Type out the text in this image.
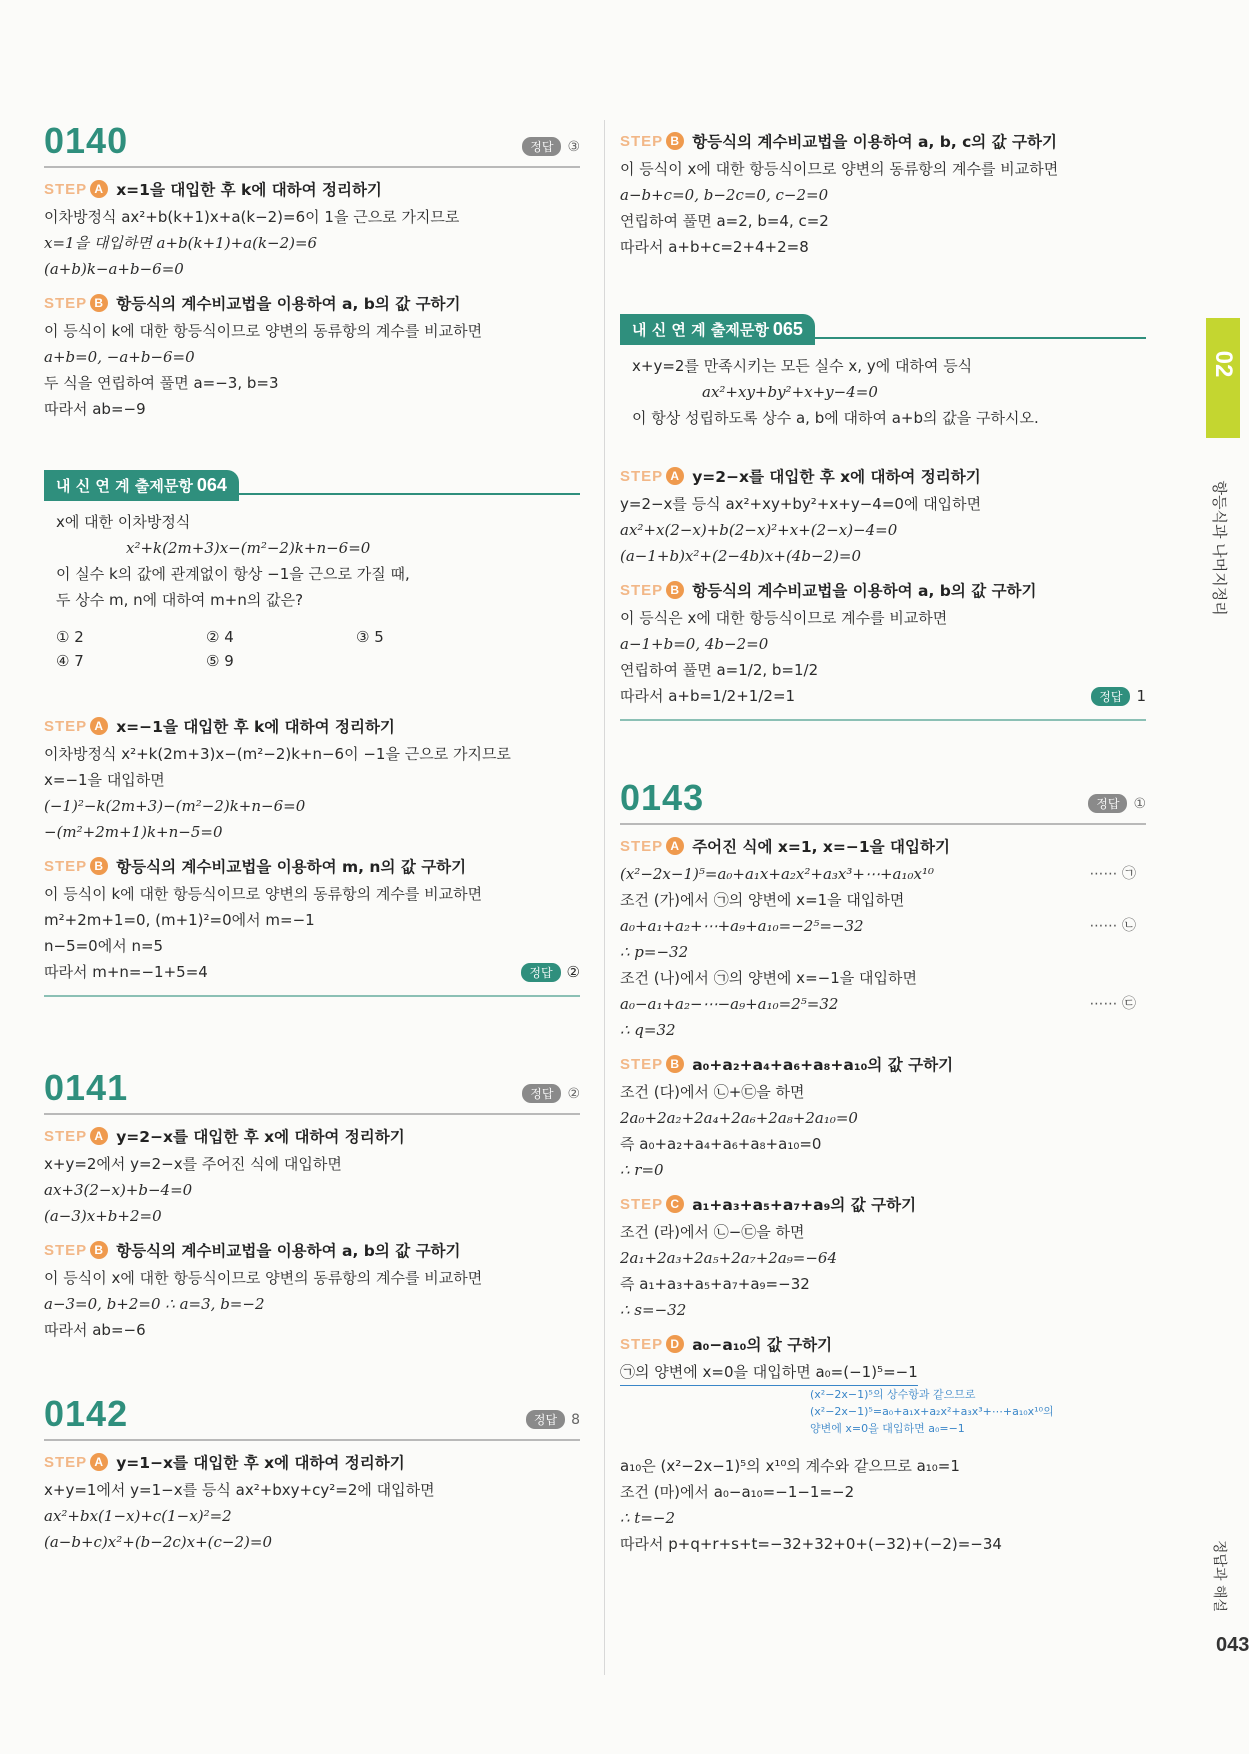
0140	정답	③
STEP A x=1을 대입한 후 k에 대하여 정리하기
이차방정식 ax²+b(k+1)x+a(k−2)=6이 1을 근으로 가지므로
x=1을 대입하면 a+b(k+1)+a(k−2)=6
(a+b)k−a+b−6=0
STEP B 항등식의 계수비교법을 이용하여 a, b의 값 구하기
이 등식이 k에 대한 항등식이므로 양변의 동류항의 계수를 비교하면
a+b=0, −a+b−6=0
두 식을 연립하여 풀면 a=−3, b=3
따라서 ab=−9
내 신 연 계 출제문항 064
x에 대한 이차방정식
x²+k(2m+3)x−(m²−2)k+n−6=0
이 실수 k의 값에 관계없이 항상 −1을 근으로 가질 때,
두 상수 m, n에 대하여 m+n의 값은?
① 2	② 4	③ 5
④ 7	⑤ 9
STEP A x=−1을 대입한 후 k에 대하여 정리하기
이차방정식 x²+k(2m+3)x−(m²−2)k+n−6이 −1을 근으로 가지므로
x=−1을 대입하면
(−1)²−k(2m+3)−(m²−2)k+n−6=0
−(m²+2m+1)k+n−5=0
STEP B 항등식의 계수비교법을 이용하여 m, n의 값 구하기
이 등식이 k에 대한 항등식이므로 양변의 동류항의 계수를 비교하면
m²+2m+1=0, (m+1)²=0에서 m=−1
n−5=0에서 n=5
따라서 m+n=−1+5=4	정답 ②
0141	정답	②
STEP A y=2−x를 대입한 후 x에 대하여 정리하기
x+y=2에서 y=2−x를 주어진 식에 대입하면
ax+3(2−x)+b−4=0
(a−3)x+b+2=0
STEP B 항등식의 계수비교법을 이용하여 a, b의 값 구하기
이 등식이 x에 대한 항등식이므로 양변의 동류항의 계수를 비교하면
a−3=0, b+2=0 ∴ a=3, b=−2
따라서 ab=−6
0142	정답	8
STEP A y=1−x를 대입한 후 x에 대하여 정리하기
x+y=1에서 y=1−x를 등식 ax²+bxy+cy²=2에 대입하면
ax²+bx(1−x)+c(1−x)²=2
(a−b+c)x²+(b−2c)x+(c−2)=0
STEP B 항등식의 계수비교법을 이용하여 a, b, c의 값 구하기
이 등식이 x에 대한 항등식이므로 양변의 동류항의 계수를 비교하면
a−b+c=0, b−2c=0, c−2=0
연립하여 풀면 a=2, b=4, c=2
따라서 a+b+c=2+4+2=8
내 신 연 계 출제문항 065
x+y=2를 만족시키는 모든 실수 x, y에 대하여 등식
ax²+xy+by²+x+y−4=0
이 항상 성립하도록 상수 a, b에 대하여 a+b의 값을 구하시오.
STEP A y=2−x를 대입한 후 x에 대하여 정리하기
y=2−x를 등식 ax²+xy+by²+x+y−4=0에 대입하면
ax²+x(2−x)+b(2−x)²+x+(2−x)−4=0
(a−1+b)x²+(2−4b)x+(4b−2)=0
STEP B 항등식의 계수비교법을 이용하여 a, b의 값 구하기
이 등식은 x에 대한 항등식이므로 계수를 비교하면
a−1+b=0, 4b−2=0
연립하여 풀면 a=1/2, b=1/2
따라서 a+b=1/2+1/2=1	정답 1
0143	정답	①
STEP A 주어진 식에 x=1, x=−1을 대입하기
(x²−2x−1)⁵=a₀+a₁x+a₂x²+a₃x³+⋯+a₁₀x¹⁰	⋯⋯ ㉠
조건 (가)에서 ㉠의 양변에 x=1을 대입하면
a₀+a₁+a₂+⋯+a₉+a₁₀=−2⁵=−32	⋯⋯ ㉡
∴ p=−32
조건 (나)에서 ㉠의 양변에 x=−1을 대입하면
a₀−a₁+a₂−⋯−a₉+a₁₀=2⁵=32	⋯⋯ ㉢
∴ q=32
STEP B a₀+a₂+a₄+a₆+a₈+a₁₀의 값 구하기
조건 (다)에서 ㉡+㉢을 하면
2a₀+2a₂+2a₄+2a₆+2a₈+2a₁₀=0
즉 a₀+a₂+a₄+a₆+a₈+a₁₀=0
∴ r=0
STEP C a₁+a₃+a₅+a₇+a₉의 값 구하기
조건 (라)에서 ㉡−㉢을 하면
2a₁+2a₃+2a₅+2a₇+2a₉=−64
즉 a₁+a₃+a₅+a₇+a₉=−32
∴ s=−32
STEP D a₀−a₁₀의 값 구하기
㉠의 양변에 x=0을 대입하면 a₀=(−1)⁵=−1
(x²−2x−1)⁵의 상수항과 같으므로
(x²−2x−1)⁵=a₀+a₁x+a₂x²+a₃x³+⋯+a₁₀x¹⁰의
양변에 x=0을 대입하면 a₀=−1
a₁₀은 (x²−2x−1)⁵의 x¹⁰의 계수와 같으므로 a₁₀=1
조건 (마)에서 a₀−a₁₀=−1−1=−2
∴ t=−2
따라서 p+q+r+s+t=−32+32+0+(−32)+(−2)=−34
02
항등식과 나머지정리
정답과 해설
043
